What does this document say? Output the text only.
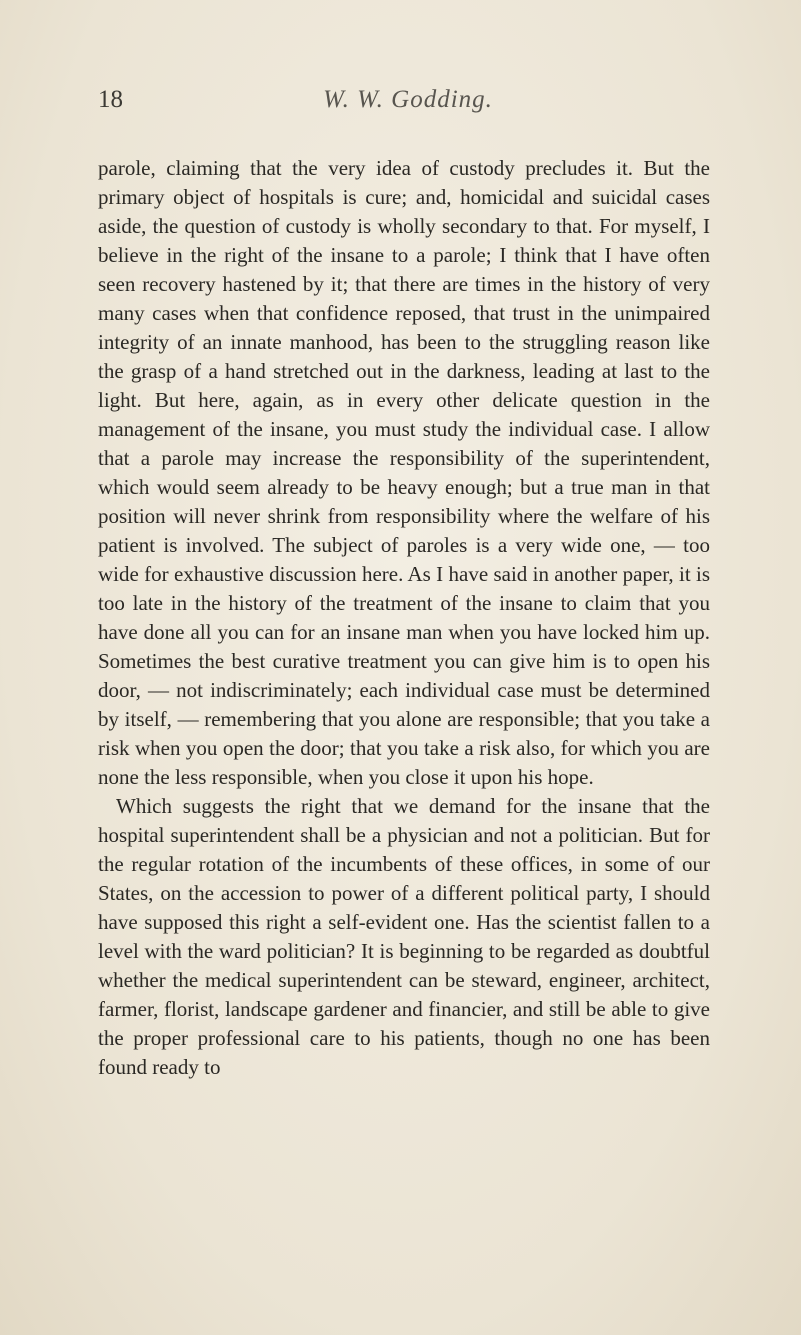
18	W. W. Godding.

parole, claiming that the very idea of custody precludes it. But the primary object of hospitals is cure; and, homicidal and suicidal cases aside, the question of custody is wholly secondary to that. For myself, I believe in the right of the insane to a parole; I think that I have often seen recovery hastened by it; that there are times in the history of very many cases when that confidence reposed, that trust in the unimpaired integrity of an innate manhood, has been to the struggling reason like the grasp of a hand stretched out in the darkness, leading at last to the light. But here, again, as in every other delicate question in the management of the insane, you must study the individual case. I allow that a parole may increase the responsibility of the superintendent, which would seem already to be heavy enough; but a true man in that position will never shrink from responsibility where the welfare of his patient is involved. The subject of paroles is a very wide one, — too wide for exhaustive discussion here. As I have said in another paper, it is too late in the history of the treatment of the insane to claim that you have done all you can for an insane man when you have locked him up. Sometimes the best curative treatment you can give him is to open his door, — not indiscriminately; each individual case must be determined by itself, — remembering that you alone are responsible; that you take a risk when you open the door; that you take a risk also, for which you are none the less responsible, when you close it upon his hope.

Which suggests the right that we demand for the insane that the hospital superintendent shall be a physician and not a politician. But for the regular rotation of the incumbents of these offices, in some of our States, on the accession to power of a different political party, I should have supposed this right a self-evident one. Has the scientist fallen to a level with the ward politician? It is beginning to be regarded as doubtful whether the medical superintendent can be steward, engineer, architect, farmer, florist, landscape gardener and financier, and still be able to give the proper professional care to his patients, though no one has been found ready to
